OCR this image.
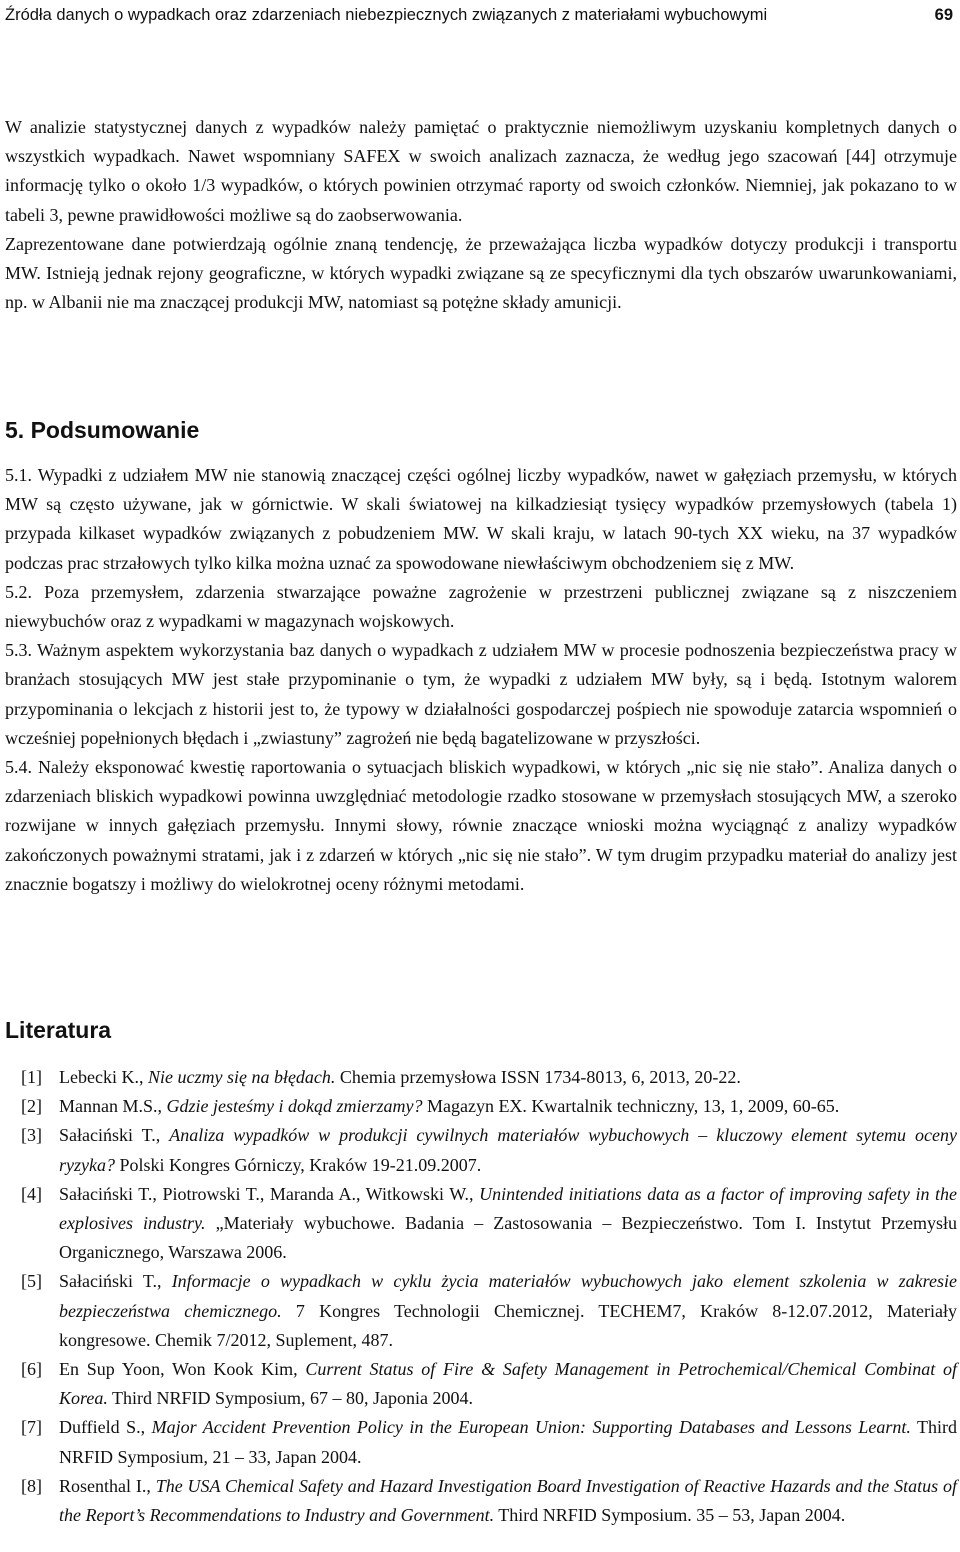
Źródła danych o wypadkach oraz zdarzeniach niebezpiecznych związanych z materiałami wybuchowymi	69

W analizie statystycznej danych z wypadków należy pamiętać o praktycznie niemożliwym uzyskaniu kompletnych danych o wszystkich wypadkach. Nawet wspomniany SAFEX w swoich analizach zaznacza, że według jego szacowań [44] otrzymuje informację tylko o około 1/3 wypadków, o których powinien otrzymać raporty od swoich członków. Niemniej, jak pokazano to w tabeli 3, pewne prawidłowości możliwe są do zaobserwowania.

Zaprezentowane dane potwierdzają ogólnie znaną tendencję, że przeważająca liczba wypadków dotyczy produkcji i transportu MW. Istnieją jednak rejony geograficzne, w których wypadki związane są ze specyficznymi dla tych obszarów uwarunkowaniami, np. w Albanii nie ma znaczącej produkcji MW, natomiast są potężne składy amunicji.

5. Podsumowanie

5.1. Wypadki z udziałem MW nie stanowią znaczącej części ogólnej liczby wypadków, nawet w gałęziach przemysłu, w których MW są często używane, jak w górnictwie. W skali światowej na kilkadziesiąt tysięcy wypadków przemysłowych (tabela 1) przypada kilkaset wypadków związanych z pobudzeniem MW. W skali kraju, w latach 90-tych XX wieku, na 37 wypadków podczas prac strzałowych tylko kilka można uznać za spowodowane niewłaściwym obchodzeniem się z MW.

5.2. Poza przemysłem, zdarzenia stwarzające poważne zagrożenie w przestrzeni publicznej związane są z niszczeniem niewybuchów oraz z wypadkami w magazynach wojskowych.

5.3. Ważnym aspektem wykorzystania baz danych o wypadkach z udziałem MW w procesie podnoszenia bezpieczeństwa pracy w branżach stosujących MW jest stałe przypominanie o tym, że wypadki z udziałem MW były, są i będą. Istotnym walorem przypominania o lekcjach z historii jest to, że typowy w działalności gospodarczej pośpiech nie spowoduje zatarcia wspomnień o wcześniej popełnionych błędach i „zwiastuny” zagrożeń nie będą bagatelizowane w przyszłości.

5.4. Należy eksponować kwestię raportowania o sytuacjach bliskich wypadkowi, w których „nic się nie stało”. Analiza danych o zdarzeniach bliskich wypadkowi powinna uwzględniać metodologie rzadko stosowane w przemysłach stosujących MW, a szeroko rozwijane w innych gałęziach przemysłu. Innymi słowy, równie znaczące wnioski można wyciągnąć z analizy wypadków zakończonych poważnymi stratami, jak i z zdarzeń w których „nic się nie stało”. W tym drugim przypadku materiał do analizy jest znacznie bogatszy i możliwy do wielokrotnej oceny różnymi metodami.

Literatura
[1] Lebecki K., Nie uczmy się na błędach. Chemia przemysłowa ISSN 1734-8013, 6, 2013, 20-22.
[2] Mannan M.S., Gdzie jesteśmy i dokąd zmierzamy? Magazyn EX. Kwartalnik techniczny, 13, 1, 2009, 60-65.
[3] Sałaciński T., Analiza wypadków w produkcji cywilnych materiałów wybuchowych – kluczowy element sytemu oceny ryzyka? Polski Kongres Górniczy, Kraków 19-21.09.2007.
[4] Sałaciński T., Piotrowski T., Maranda A., Witkowski W., Unintended initiations data as a factor of improving safety in the explosives industry. „Materiały wybuchowe. Badania – Zastosowania – Bezpieczeństwo. Tom I. Instytut Przemysłu Organicznego, Warszawa 2006.
[5] Sałaciński T., Informacje o wypadkach w cyklu życia materiałów wybuchowych jako element szkolenia w zakresie bezpieczeństwa chemicznego. 7 Kongres Technologii Chemicznej. TECHEM7, Kraków 8-12.07.2012, Materiały kongresowe. Chemik 7/2012, Suplement, 487.
[6] En Sup Yoon, Won Kook Kim, Current Status of Fire & Safety Management in Petrochemical/Chemical Combinat of Korea. Third NRFID Symposium, 67 – 80, Japonia 2004.
[7] Duffield S., Major Accident Prevention Policy in the European Union: Supporting Databases and Lessons Learnt. Third NRFID Symposium, 21 – 33, Japan 2004.
[8] Rosenthal I., The USA Chemical Safety and Hazard Investigation Board Investigation of Reactive Hazards and the Status of the Report’s Recommendations to Industry and Government. Third NRFID Symposium. 35 – 53, Japan 2004.
